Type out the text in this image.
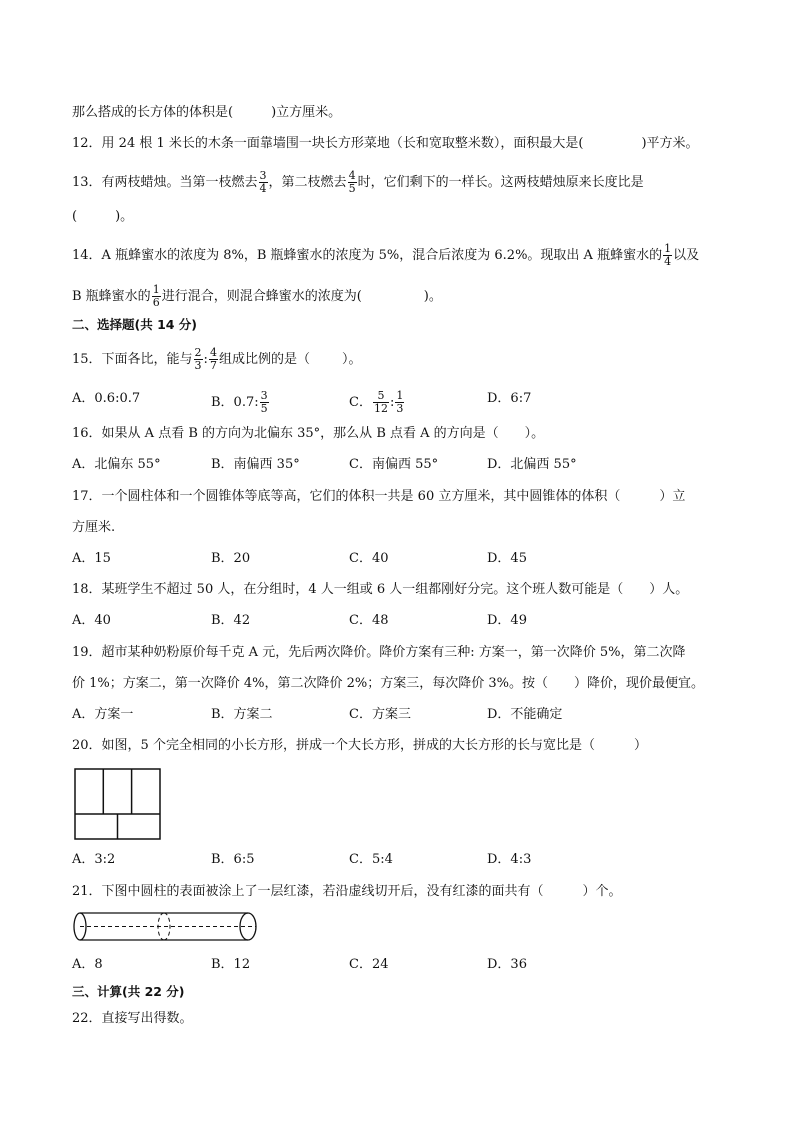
那么搭成的长方体的体积是(	)立方厘米。
12．用 24 根 1 米长的木条一面靠墙围一块长方形菜地（长和宽取整米数），面积最大是(	)平方米。
13．有两枝蜡烛。当第一枝燃去 $\frac{3}{4}$ ，第二枝燃去 $\frac{4}{5}$ 时，它们剩下的一样长。这两枝蜡烛原来长度比是
(	)。
14．A 瓶蜂蜜水的浓度为 8%，B 瓶蜂蜜水的浓度为 5%，混合后浓度为 6.2%。现取出 A 瓶蜂蜜水的 $\frac{1}{4}$ 以及
B 瓶蜂蜜水的 $\frac{1}{6}$ 进行混合，则混合蜂蜜水的浓度为(	)。
二、选择题(共 14 分)
15．下面各比，能与 $\frac{2}{3}$ : $\frac{4}{7}$ 组成比例的是（ ）。
A．0.6:0.7	B．0.7: $\frac{3}{5}$	C． $\frac{5}{12}$ : $\frac{1}{3}$	D．6:7
16．如果从 A 点看 B 的方向为北偏东 35°，那么从 B 点看 A 的方向是（　　）。
A．北偏东 55°	B．南偏西 35°	C．南偏西 55°	D．北偏西 55°
17．一个圆柱体和一个圆锥体等底等高，它们的体积一共是 60 立方厘米，其中圆锥体的体积（　　　）立
方厘米.
A．15	B．20	C．40	D．45
18．某班学生不超过 50 人，在分组时，4 人一组或 6 人一组都刚好分完。这个班人数可能是（　　）人。
A．40	B．42	C．48	D．49
19．超市某种奶粉原价每千克 A 元，先后两次降价。降价方案有三种: 方案一，第一次降价 5%，第二次降
价 1%；方案二，第一次降价 4%，第二次降价 2%；方案三，每次降价 3%。按（　　）降价，现价最便宜。
A．方案一	B．方案二	C．方案三	D．不能确定
20．如图，5 个完全相同的小长方形，拼成一个大长方形，拼成的大长方形的长与宽比是（　　　）
A．3:2	B．6:5	C．5:4	D．4:3
21．下图中圆柱的表面被涂上了一层红漆，若沿虚线切开后，没有红漆的面共有（　　　）个。
A．8	B．12	C．24	D．36
三、计算(共 22 分)
22．直接写出得数。
